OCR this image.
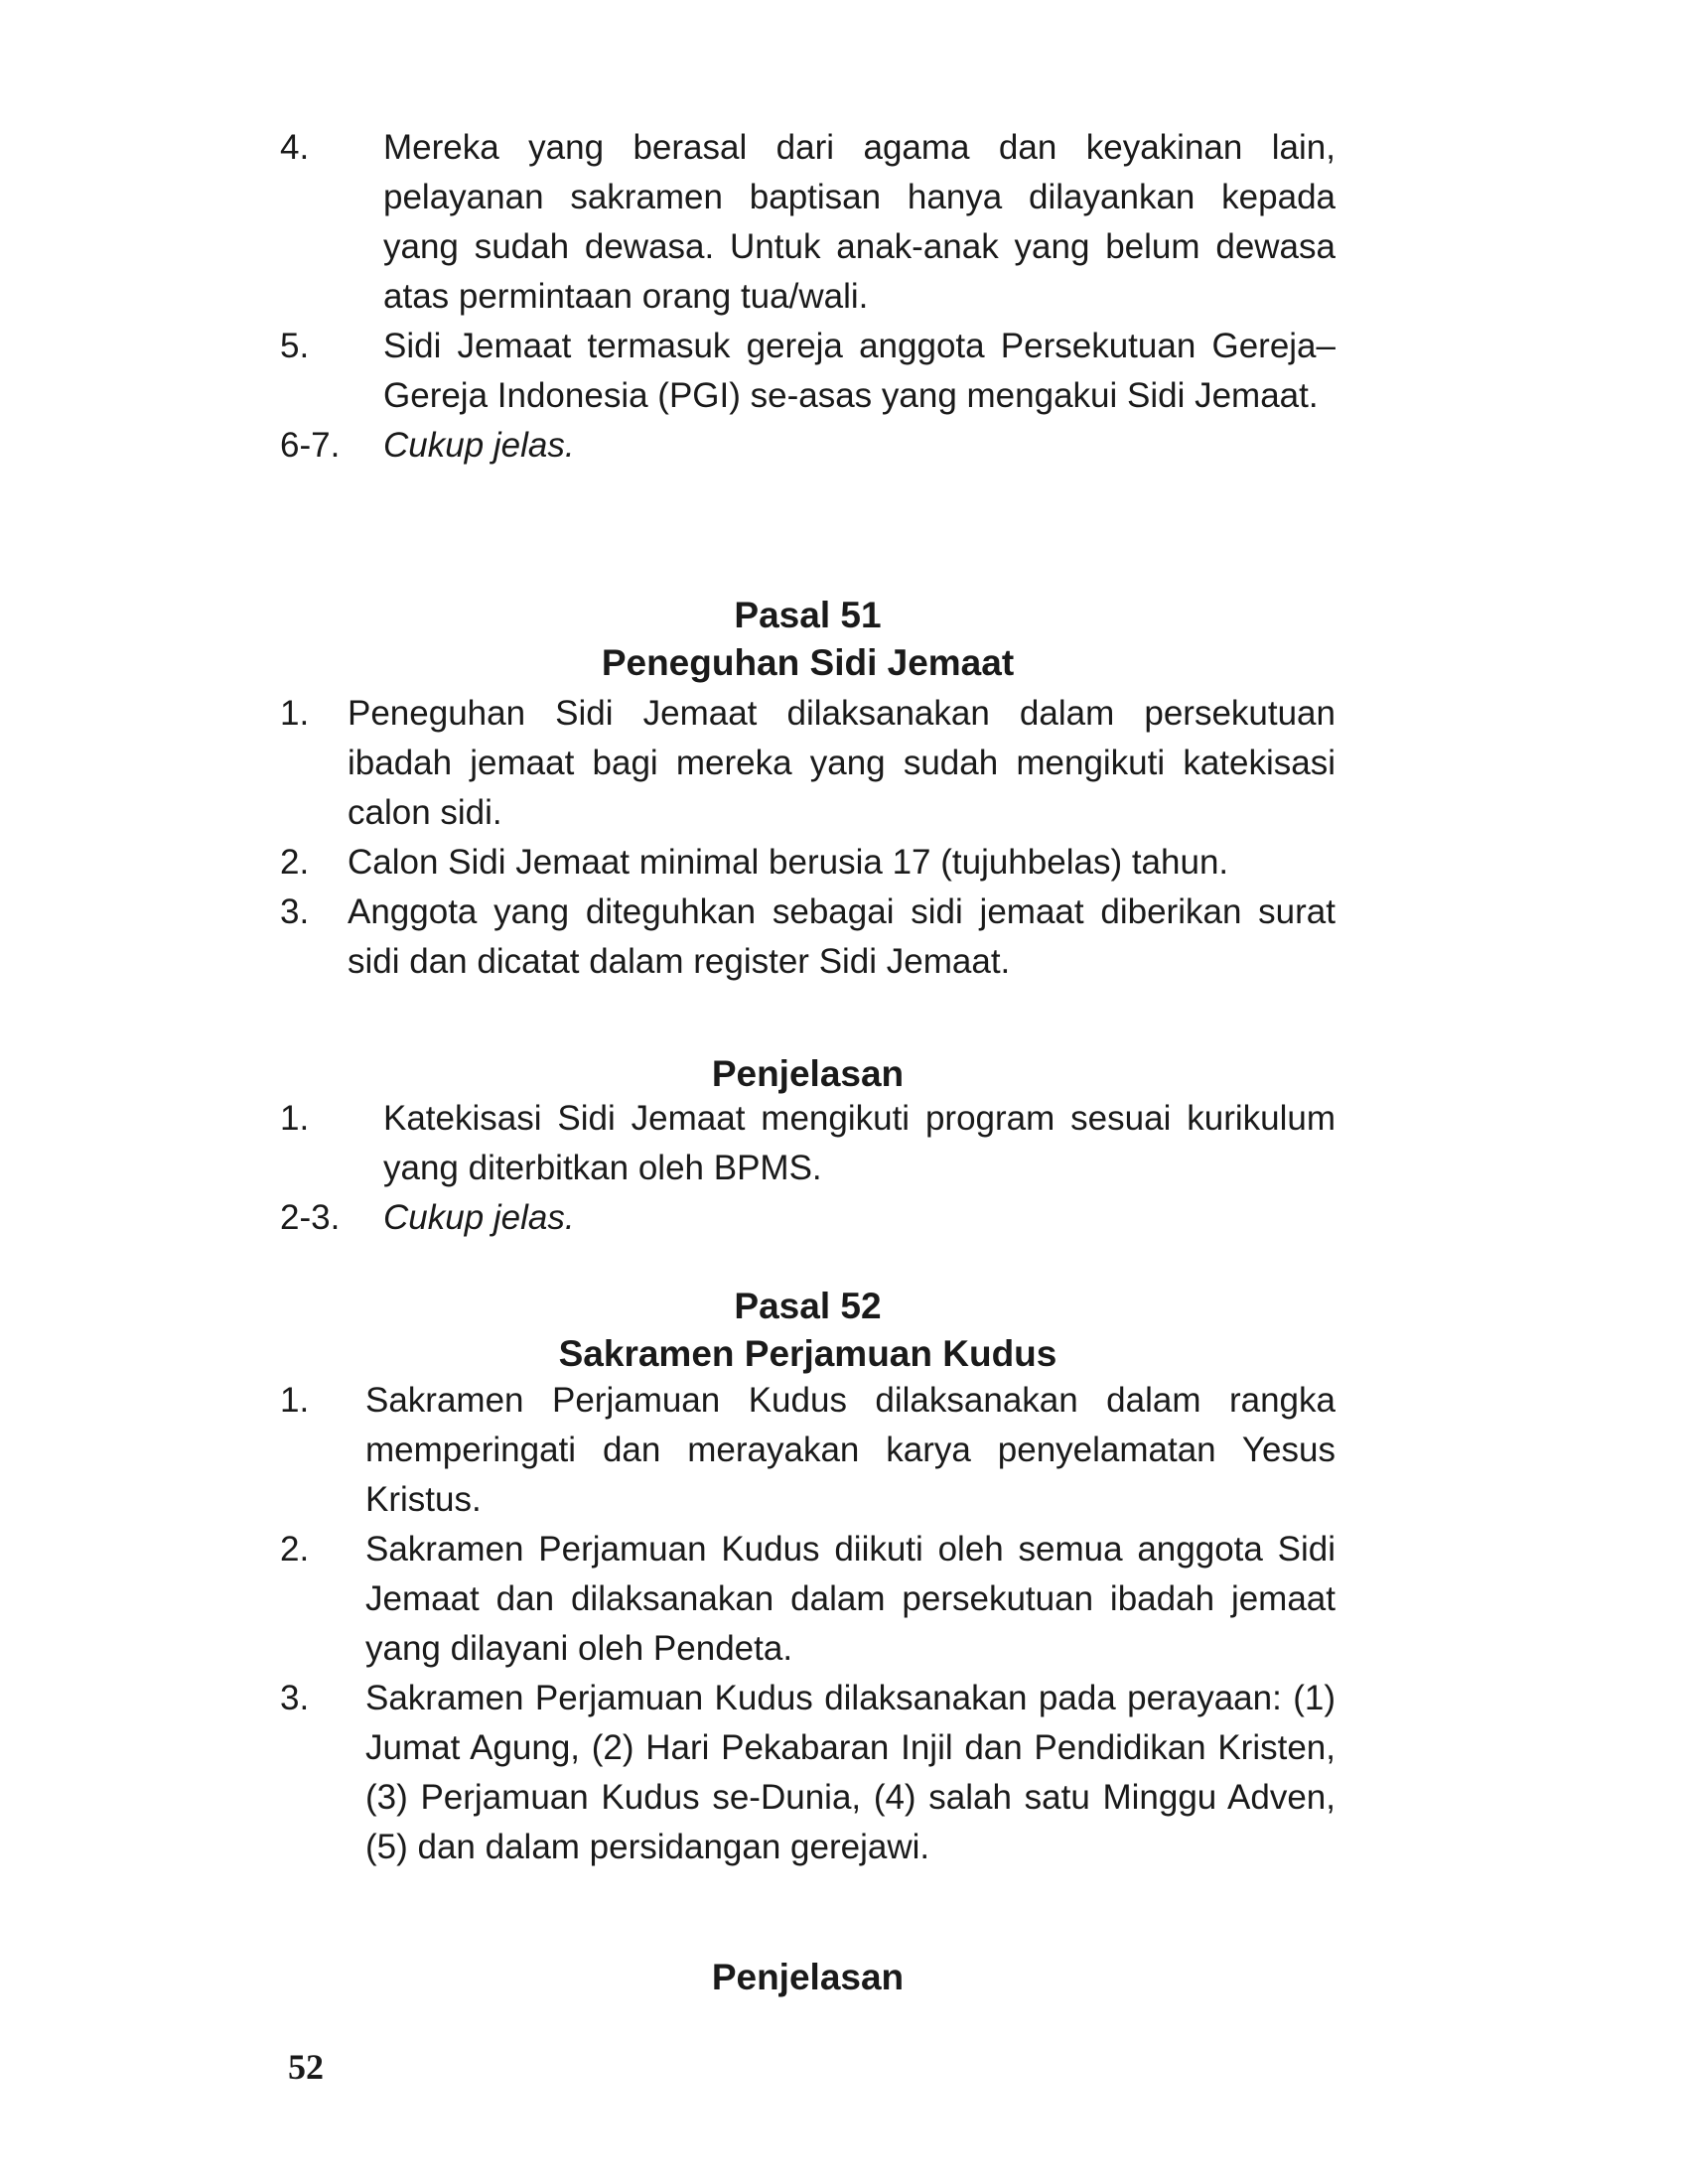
4. Mereka yang berasal dari agama dan keyakinan lain, pelayanan sakramen baptisan hanya dilayankan kepada yang sudah dewasa. Untuk anak-anak yang belum dewasa atas permintaan orang tua/wali.
5. Sidi Jemaat termasuk gereja anggota Persekutuan Gereja–Gereja Indonesia (PGI) se-asas yang mengakui Sidi Jemaat.
6-7. Cukup jelas.
Pasal 51
Peneguhan Sidi Jemaat
1. Peneguhan Sidi Jemaat dilaksanakan dalam persekutuan ibadah jemaat bagi mereka yang sudah mengikuti katekisasi calon sidi.
2. Calon Sidi Jemaat minimal berusia 17 (tujuhbelas) tahun.
3. Anggota yang diteguhkan sebagai sidi jemaat diberikan surat sidi dan dicatat dalam register Sidi Jemaat.
Penjelasan
1. Katekisasi Sidi Jemaat mengikuti program sesuai kurikulum yang diterbitkan oleh BPMS.
2-3. Cukup jelas.
Pasal 52
Sakramen Perjamuan Kudus
1. Sakramen Perjamuan Kudus dilaksanakan dalam rangka memperingati dan merayakan karya penyelamatan Yesus Kristus.
2. Sakramen Perjamuan Kudus diikuti oleh semua anggota Sidi Jemaat dan dilaksanakan dalam persekutuan ibadah jemaat yang dilayani oleh Pendeta.
3. Sakramen Perjamuan Kudus dilaksanakan pada perayaan: (1) Jumat Agung, (2) Hari Pekabaran Injil dan Pendidikan Kristen, (3) Perjamuan Kudus se-Dunia, (4) salah satu Minggu Adven, (5) dan dalam persidangan gerejawi.
Penjelasan
52
